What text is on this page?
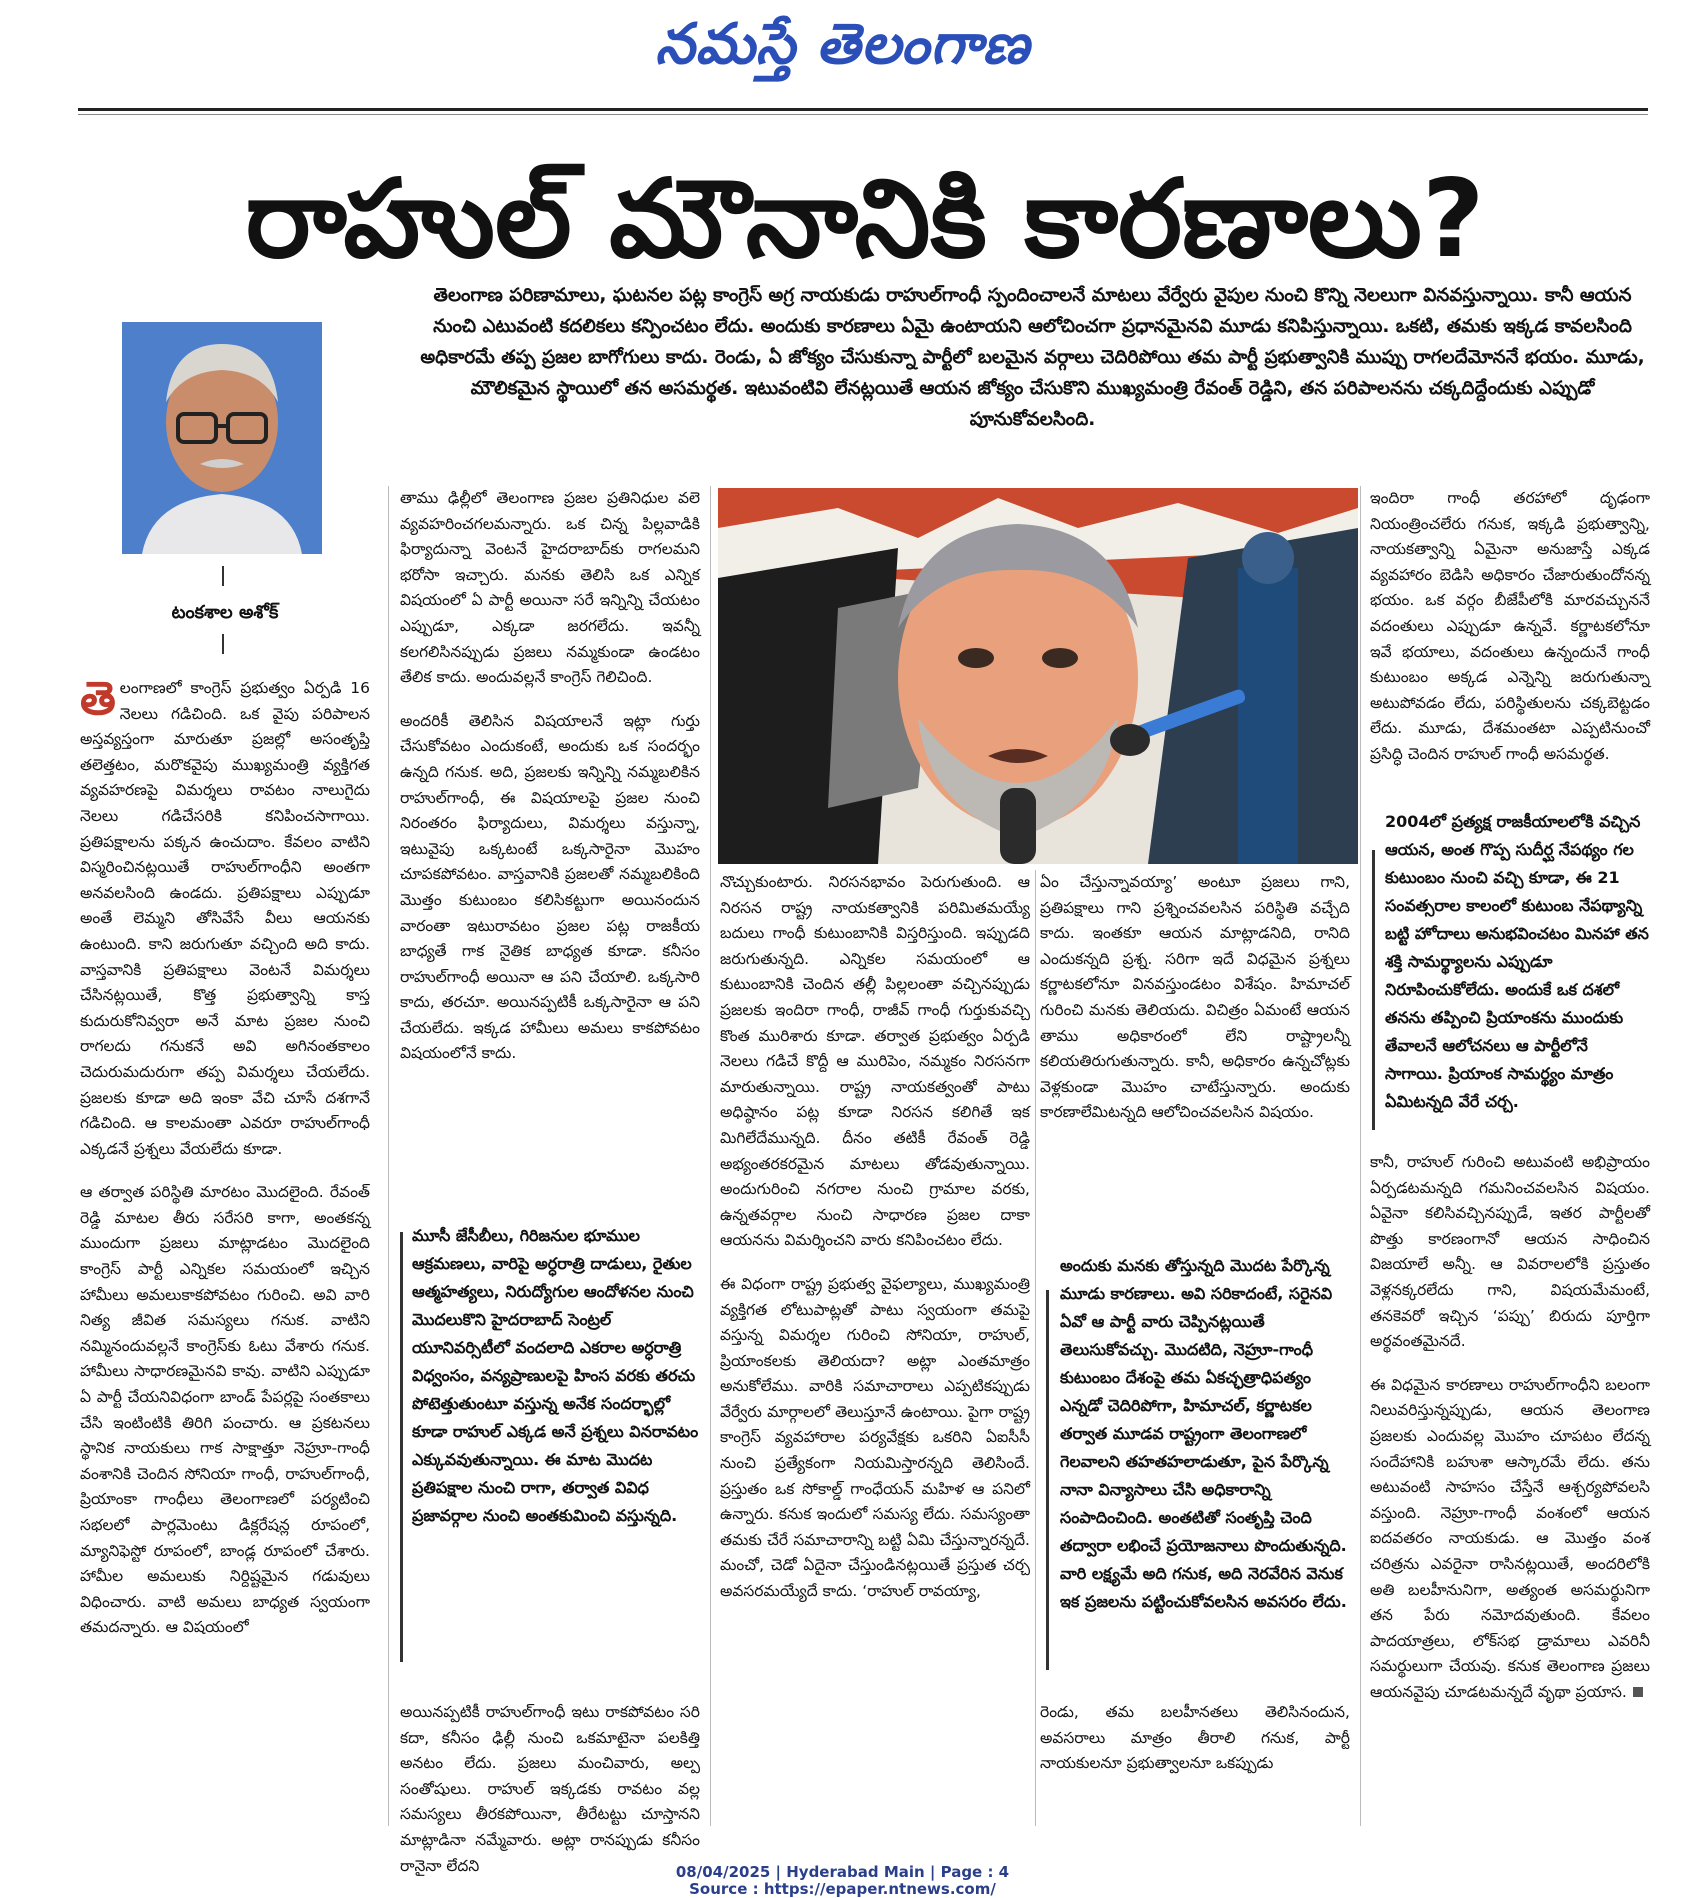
నమస్తే తెలంగాణ
రాహుల్ మౌనానికి కారణాలు?
టంకశాల అశోక్
తెలంగాణ పరిణామాలు, ఘటనల పట్ల కాంగ్రెస్ అగ్ర నాయకుడు రాహుల్‌గాంధీ స్పందించాలనే మాటలు వేర్వేరు వైపుల నుంచి కొన్ని నెలలుగా వినవస్తున్నాయి. కానీ ఆయన నుంచి ఎటువంటి కదలికలు కన్పించటం లేదు. అందుకు కారణాలు ఏమై ఉంటాయని ఆలోచించగా ప్రధానమైనవి మూడు కనిపిస్తున్నాయి. ఒకటి, తమకు ఇక్కడ కావలసింది అధికారమే తప్ప ప్రజల బాగోగులు కాదు. రెండు, ఏ జోక్యం చేసుకున్నా పార్టీలో బలమైన వర్గాలు చెదిరిపోయి తమ పార్టీ ప్రభుత్వానికి ముప్పు రాగలదేమోననే భయం. మూడు, మౌలికమైన స్థాయిలో తన అసమర్థత. ఇటువంటివి లేనట్లయితే ఆయన జోక్యం చేసుకొని ముఖ్యమంత్రి రేవంత్ రెడ్డిని, తన పరిపాలనను చక్కదిద్దేందుకు ఎప్పుడో పూనుకోవలసింది.

తెలంగాణలో కాంగ్రెస్ ప్రభుత్వం ఏర్పడి 16 నెలలు గడిచింది. ఒక వైపు పరిపాలన అస్తవ్యస్తంగా మారుతూ ప్రజల్లో అసంతృప్తి తలెత్తటం, మరొకవైపు ముఖ్యమంత్రి వ్యక్తిగత వ్యవహరణపై విమర్శలు రావటం నాలుగైదు నెలలు గడిచేసరికి కనిపించసాగాయి. ప్రతిపక్షాలను పక్కన ఉంచుదాం. కేవలం వాటిని విస్మరించినట్లయితే రాహుల్‌గాంధీని అంతగా అనవలసింది ఉండదు. ప్రతిపక్షాలు ఎప్పుడూ అంతే లెమ్మని తోసివేసే వీలు ఆయనకు ఉంటుంది. కాని జరుగుతూ వచ్చింది అది కాదు. వాస్తవానికి ప్రతిపక్షాలు వెంటనే విమర్శలు చేసినట్లయితే, కొత్త ప్రభుత్వాన్ని కాస్త కుదురుకోనివ్వరా అనే మాట ప్రజల నుంచి రాగలదు గనుకనే అవి అగినంతకాలం చెదురుమదురుగా తప్ప విమర్శలు చేయలేదు. ప్రజలకు కూడా అది ఇంకా వేచి చూసే దశగానే గడిచింది. ఆ కాలమంతా ఎవరూ రాహుల్‌గాంధీ ఎక్కడనే ప్రశ్నలు వేయలేదు కూడా.

ఆ తర్వాత పరిస్థితి మారటం మొదలైంది. రేవంత్ రెడ్డి మాటల తీరు సరేసరి కాగా, అంతకన్న ముందుగా ప్రజలు మాట్లాడటం మొదలైంది కాంగ్రెస్ పార్టీ ఎన్నికల సమయంలో ఇచ్చిన హామీలు అమలుకాకపోవటం గురించి. అవి వారి నిత్య జీవిత సమస్యలు గనుక. వాటిని నమ్మినందువల్లనే కాంగ్రెస్‌కు ఓటు వేశారు గనుక. హామీలు సాధారణమైనవి కావు. వాటిని ఎప్పుడూ ఏ పార్టీ చేయనివిధంగా బాండ్ పేపర్లపై సంతకాలు చేసి ఇంటింటికి తిరిగి పంచారు. ఆ ప్రకటనలు స్థానిక నాయకులు గాక సాక్షాత్తూ నెహ్రూ-గాంధీ వంశానికి చెందిన సోనియా గాంధీ, రాహుల్‌గాంధీ, ప్రియాంకా గాంధీలు తెలంగాణలో పర్యటించి సభలలో పార్లమెంటు డిక్లరేషన్ల రూపంలో, మ్యానిఫెస్టో రూపంలో, బాండ్ల రూపంలో చేశారు. హామీల అమలుకు నిర్దిష్టమైన గడువులు విధించారు. వాటి అమలు బాధ్యత స్వయంగా తమదన్నారు. ఆ విషయంలో

తాము ఢిల్లీలో తెలంగాణ ప్రజల ప్రతినిధుల వలె వ్యవహరించగలమన్నారు. ఒక చిన్న పిల్లవాడికి ఫిర్యాదున్నా వెంటనే హైదరాబాద్‌కు రాగలమని భరోసా ఇచ్చారు. మనకు తెలిసి ఒక ఎన్నిక విషయంలో ఏ పార్టీ అయినా సరే ఇన్నిన్ని చేయటం ఎప్పుడూ, ఎక్కడా జరగలేదు. ఇవన్నీ కలగలిసినప్పుడు ప్రజలు నమ్మకుండా ఉండటం తేలిక కాదు. అందువల్లనే కాంగ్రెస్ గెలిచింది.

అందరికీ తెలిసిన విషయాలనే ఇట్లా గుర్తు చేసుకోవటం ఎందుకంటే, అందుకు ఒక సందర్భం ఉన్నది గనుక. అది, ప్రజలకు ఇన్నిన్ని నమ్మబలికిన రాహుల్‌గాంధీ, ఈ విషయాలపై ప్రజల నుంచి నిరంతరం ఫిర్యాదులు, విమర్శలు వస్తున్నా, ఇటువైపు ఒక్కటంటే ఒక్కసారైనా మొహం చూపకపోవటం. వాస్తవానికి ప్రజలతో నమ్మబలికింది మొత్తం కుటుంబం కలిసికట్టుగా అయినందున వారంతా ఇటురావటం ప్రజల పట్ల రాజకీయ బాధ్యతే గాక నైతిక బాధ్యత కూడా. కనీసం రాహుల్‌గాంధీ అయినా ఆ పని చేయాలి. ఒక్కసారి కాదు, తరచూ. అయినప్పటికీ ఒక్కసారైనా ఆ పని చేయలేదు. ఇక్కడ హామీలు అమలు కాకపోవటం విషయంలోనే కాదు.

మూసీ జేసీబీలు, గిరిజనుల భూముల ఆక్రమణలు, వారిపై అర్ధరాత్రి దాడులు, రైతుల ఆత్మహత్యలు, నిరుద్యోగుల ఆందోళనల నుంచి మొదలుకొని హైదరాబాద్ సెంట్రల్ యూనివర్సిటీలో వందలాది ఎకరాల అర్ధరాత్రి విధ్వంసం, వన్యప్రాణులపై హింస వరకు తరచు పోటెత్తుతుంటూ వస్తున్న అనేక సందర్భాల్లో కూడా రాహుల్ ఎక్కడ అనే ప్రశ్నలు వినరావటం ఎక్కువవుతున్నాయి. ఈ మాట మొదట ప్రతిపక్షాల నుంచి రాగా, తర్వాత వివిధ ప్రజావర్గాల నుంచి అంతకుమించి వస్తున్నది.

అయినప్పటికీ రాహుల్‌గాంధీ ఇటు రాకపోవటం సరి కదా, కనీసం ఢిల్లీ నుంచి ఒకమాటైనా పలకిత్తి అనటం లేదు. ప్రజలు మంచివారు, అల్ప సంతోషులు. రాహుల్ ఇక్కడకు రావటం వల్ల సమస్యలు తీరకపోయినా, తీరేటట్టు చూస్తానని మాట్లాడినా నమ్మేవారు. అట్లా రానప్పుడు కనీసం రానైనా లేదని

నొచ్చుకుంటారు. నిరసనభావం పెరుగుతుంది. ఆ నిరసన రాష్ట్ర నాయకత్వానికి పరిమితమయ్యే బదులు గాంధీ కుటుంబానికి విస్తరిస్తుంది. ఇప్పుడది జరుగుతున్నది. ఎన్నికల సమయంలో ఆ కుటుంబానికి చెందిన తల్లీ పిల్లలంతా వచ్చినప్పుడు ప్రజలకు ఇందిరా గాంధీ, రాజీవ్ గాంధీ గుర్తుకువచ్చి కొంత మురిశారు కూడా. తర్వాత ప్రభుత్వం ఏర్పడి నెలలు గడిచే కొద్దీ ఆ మురిపెం, నమ్మకం నిరసనగా మారుతున్నాయి. రాష్ట్ర నాయకత్వంతో పాటు అధిష్ఠానం పట్ల కూడా నిరసన కలిగితే ఇక మిగిలేదేమున్నది. దీనం తటికీ రేవంత్ రెడ్డి అభ్యంతరకరమైన మాటలు తోడవుతున్నాయి. అందుగురించి నగరాల నుంచి గ్రామాల వరకు, ఉన్నతవర్గాల నుంచి సాధారణ ప్రజల దాకా ఆయనను విమర్శించని వారు కనిపించటం లేదు.

ఈ విధంగా రాష్ట్ర ప్రభుత్వ వైఫల్యాలు, ముఖ్యమంత్రి వ్యక్తిగత లోటుపాట్లతో పాటు స్వయంగా తమపై వస్తున్న విమర్శల గురించి సోనియా, రాహుల్, ప్రియాంకలకు తెలియదా? అట్లా ఎంతమాత్రం అనుకోలేము. వారికి సమాచారాలు ఎప్పటికప్పుడు వేర్వేరు మార్గాలలో తెలుస్తూనే ఉంటాయి. పైగా రాష్ట్ర కాంగ్రెస్ వ్యవహారాల పర్యవేక్షకు ఒకరిని ఏఐసీసీ నుంచి ప్రత్యేకంగా నియమిస్తారన్నది తెలిసిందే. ప్రస్తుతం ఒక సోకాల్డ్ గాంధేయన్ మహిళ ఆ పనిలో ఉన్నారు. కనుక ఇందులో సమస్య లేదు. సమస్యంతా తమకు చేరే సమాచారాన్ని బట్టి ఏమి చేస్తున్నారన్నదే. మంచో, చెడో ఏదైనా చేస్తుండినట్లయితే ప్రస్తుత చర్చ అవసరమయ్యేదే కాదు. ‘రాహుల్ రావయ్యా,

ఏం చేస్తున్నావయ్యా’ అంటూ ప్రజలు గాని, ప్రతిపక్షాలు గాని ప్రశ్నించవలసిన పరిస్థితి వచ్చేది కాదు. ఇంతకూ ఆయన మాట్లాడనిది, రానిది ఎందుకన్నది ప్రశ్న. సరిగా ఇదే విధమైన ప్రశ్నలు కర్ణాటకలోనూ వినవస్తుండటం విశేషం. హిమాచల్ గురించి మనకు తెలియదు. విచిత్రం ఏమంటే ఆయన తాము అధికారంలో లేని రాష్ట్రాలన్నీ కలియతిరుగుతున్నారు. కానీ, అధికారం ఉన్నచోట్లకు వెళ్లకుండా మొహం చాటేస్తున్నారు. అందుకు కారణాలేమిటన్నది ఆలోచించవలసిన విషయం.

అందుకు మనకు తోస్తున్నది మొదట పేర్కొన్న మూడు కారణాలు. అవి సరికాదంటే, సరైనవి ఏవో ఆ పార్టీ వారు చెప్పినట్లయితే తెలుసుకోవచ్చు. మొదటిది, నెహ్రూ-గాంధీ కుటుంబం దేశంపై తమ ఏకచ్ఛత్రాధిపత్యం ఎన్నడో చెదిరిపోగా, హిమాచల్, కర్ణాటకల తర్వాత మూడవ రాష్ట్రంగా తెలంగాణలో గెలవాలని తహతహలాడుతూ, పైన పేర్కొన్న నానా విన్యాసాలు చేసి అధికారాన్ని సంపాదించింది. అంతటితో సంతృప్తి చెంది తద్వారా లభించే ప్రయోజనాలు పొందుతున్నది. వారి లక్ష్యమే అది గనుక, అది నెరవేరిన వెనుక ఇక ప్రజలను పట్టించుకోవలసిన అవసరం లేదు.

రెండు, తమ బలహీనతలు తెలిసినందున, అవసరాలు మాత్రం తీరాలి గనుక, పార్టీ నాయకులనూ ప్రభుత్వాలనూ ఒకప్పుడు

ఇందిరా గాంధీ తరహాలో దృఢంగా నియంత్రించలేరు గనుక, ఇక్కడి ప్రభుత్వాన్ని, నాయకత్వాన్ని ఏమైనా అనుజాస్తే ఎక్కడ వ్యవహారం బెడిసి అధికారం చేజారుతుందోనన్న భయం. ఒక వర్గం బీజేపీలోకి మారవచ్చుననే వదంతులు ఎప్పుడూ ఉన్నవే. కర్ణాటకలోనూ ఇవే భయాలు, వదంతులు ఉన్నందునే గాంధీ కుటుంబం అక్కడ ఎన్నెన్ని జరుగుతున్నా అటుపోవడం లేదు, పరిస్థితులను చక్కబెట్టడం లేదు. మూడు, దేశమంతటా ఎప్పటినుంచో ప్రసిద్ధి చెందిన రాహుల్ గాంధీ అసమర్థత.

2004లో ప్రత్యక్ష రాజకీయాలలోకి వచ్చిన ఆయన, అంత గొప్ప సుదీర్ఘ నేపథ్యం గల కుటుంబం నుంచి వచ్చి కూడా, ఈ 21 సంవత్సరాల కాలంలో కుటుంబ నేపథ్యాన్ని బట్టి హోదాలు అనుభవించటం మినహా తన శక్తి సామర్థ్యాలను ఎప్పుడూ నిరూపించుకోలేదు. అందుకే ఒక దశలో తనను తప్పించి ప్రియాంకను ముందుకు తేవాలనే ఆలోచనలు ఆ పార్టీలోనే సాగాయి. ప్రియాంక సామర్థ్యం మాత్రం ఏమిటన్నది వేరే చర్చ.

కానీ, రాహుల్ గురించి అటువంటి అభిప్రాయం ఏర్పడటమన్నది గమనించవలసిన విషయం. ఏవైనా కలిసివచ్చినప్పుడే, ఇతర పార్టీలతో పొత్తు కారణంగానో ఆయన సాధించిన విజయాలే అన్నీ. ఆ వివరాలలోకి ప్రస్తుతం వెళ్లనక్కరలేదు గాని, విషయమేమంటే, తనకెవరో ఇచ్చిన ‘పప్పు’ బిరుదు పూర్తిగా అర్థవంతమైనదే.

ఈ విధమైన కారణాలు రాహుల్‌గాంధీని బలంగా నిలువరిస్తున్నప్పుడు, ఆయన తెలంగాణ ప్రజలకు ఎందువల్ల మొహం చూపటం లేదన్న సందేహానికి బహుశా ఆస్కారమే లేదు. తను అటువంటి సాహసం చేస్తేనే ఆశ్చర్యపోవలసి వస్తుంది. నెహ్రూ-గాంధీ వంశంలో ఆయన ఐదవతరం నాయకుడు. ఆ మొత్తం వంశ చరిత్రను ఎవరైనా రాసినట్లయితే, అందరిలోకి అతి బలహీనునిగా, అత్యంత అసమర్థునిగా తన పేరు నమోదవుతుంది. కేవలం పాదయాత్రలు, లోక్‌సభ డ్రామాలు ఎవరినీ సమర్థులుగా చేయవు. కనుక తెలంగాణ ప్రజలు ఆయనవైపు చూడటమన్నదే వృథా ప్రయాస.

08/04/2025 | Hyderabad Main | Page : 4
Source : https://epaper.ntnews.com/
